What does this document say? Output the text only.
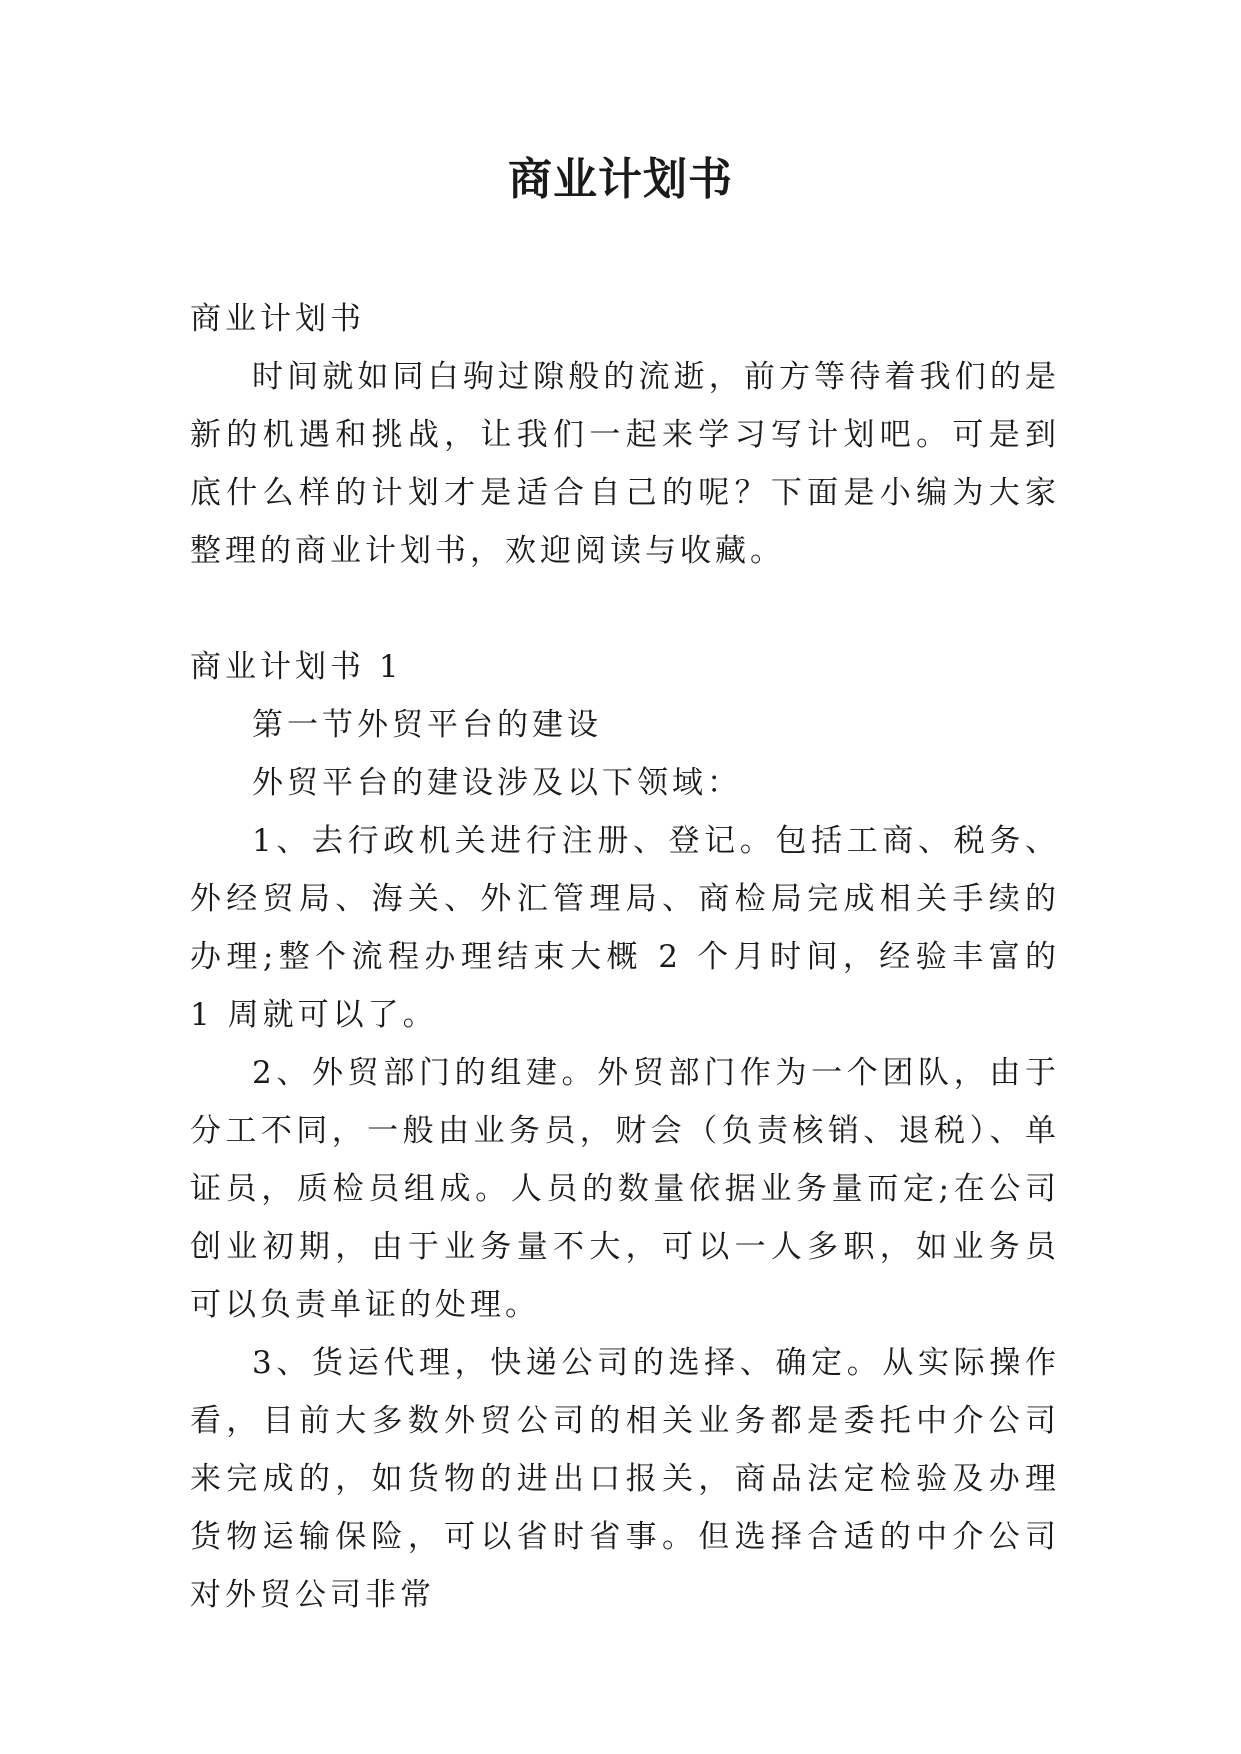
商业计划书

商业计划书

时间就如同白驹过隙般的流逝，前方等待着我们的是新的机遇和挑战，让我们一起来学习写计划吧。可是到底什么样的计划才是适合自己的呢？下面是小编为大家整理的商业计划书，欢迎阅读与收藏。

商业计划书 1

第一节外贸平台的建设

外贸平台的建设涉及以下领域：

1、去行政机关进行注册、登记。包括工商、税务、外经贸局、海关、外汇管理局、商检局完成相关手续的办理;整个流程办理结束大概 2 个月时间，经验丰富的 1 周就可以了。

2、外贸部门的组建。外贸部门作为一个团队，由于分工不同，一般由业务员，财会（负责核销、退税）、单证员，质检员组成。人员的数量依据业务量而定;在公司创业初期，由于业务量不大，可以一人多职，如业务员可以负责单证的处理。

3、货运代理，快递公司的选择、确定。从实际操作看，目前大多数外贸公司的相关业务都是委托中介公司来完成的，如货物的进出口报关，商品法定检验及办理货物运输保险，可以省时省事。但选择合适的中介公司对外贸公司非常
